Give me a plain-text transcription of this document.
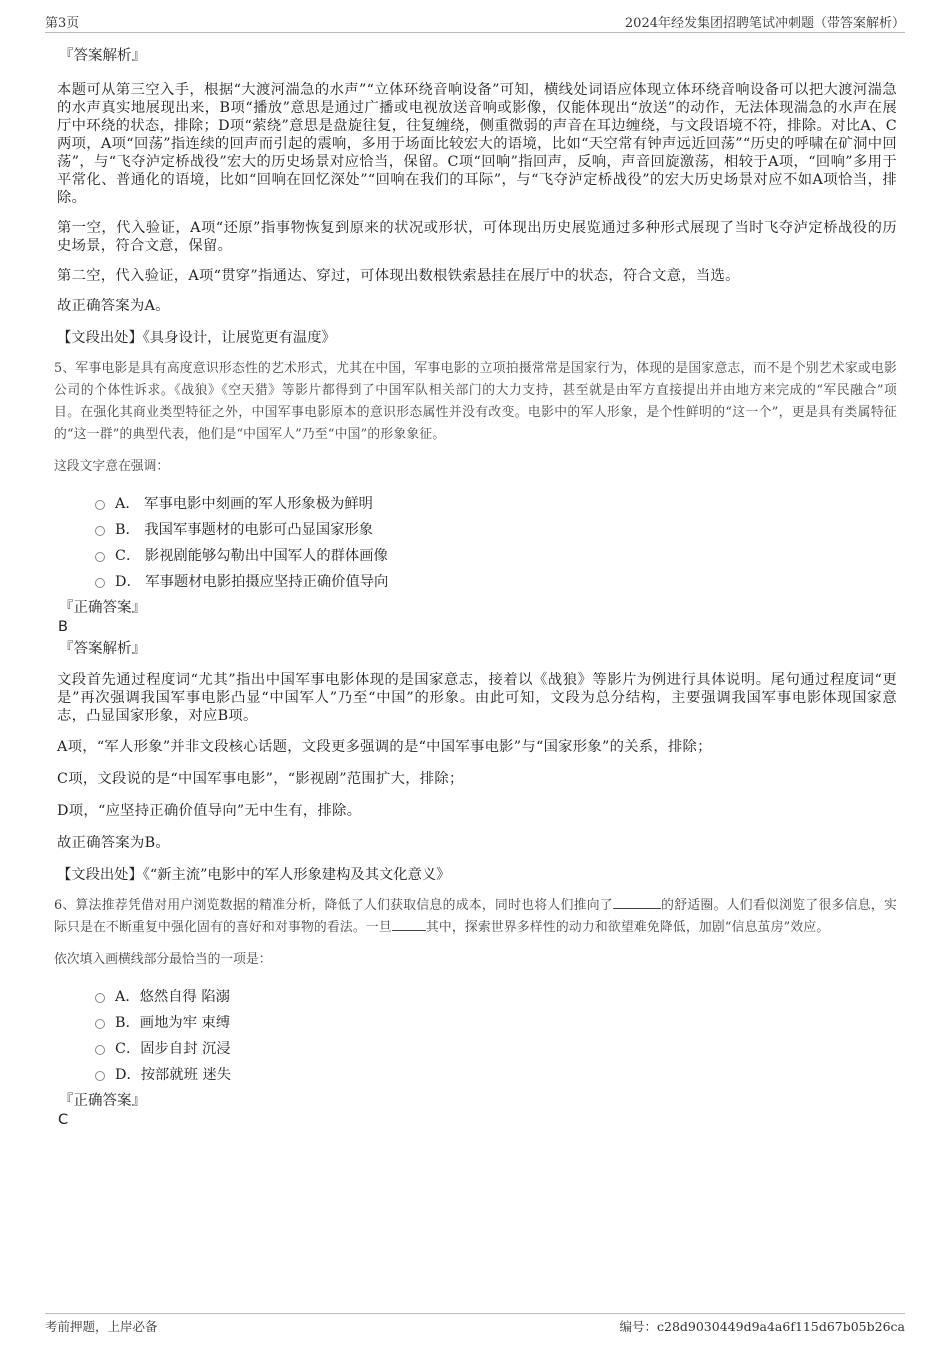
第3页	2024年经发集团招聘笔试冲刺题（带答案解析）
『答案解析』

本题可从第三空入手，根据“大渡河湍急的水声”“立体环绕音响设备”可知，横线处词语应体现立体环绕音响设备可以把大渡河湍急的水声真实地展现出来，B项“播放”意思是通过广播或电视放送音响或影像，仅能体现出“放送”的动作，无法体现湍急的水声在展厅中环绕的状态，排除；D项“萦绕”意思是盘旋往复，往复缠绕，侧重微弱的声音在耳边缠绕，与文段语境不符，排除。对比A、C两项，A项“回荡”指连续的回声而引起的震响，多用于场面比较宏大的语境，比如“天空常有钟声远近回荡”“历史的呼啸在矿洞中回荡”，与“飞夺泸定桥战役”宏大的历史场景对应恰当，保留。C项“回响”指回声，反响，声音回旋激荡，相较于A项，“回响”多用于平常化、普通化的语境，比如“回响在回忆深处”“回响在我们的耳际”，与“飞夺泸定桥战役”的宏大历史场景对应不如A项恰当，排除。

第一空，代入验证，A项“还原”指事物恢复到原来的状况或形状，可体现出历史展览通过多种形式展现了当时飞夺泸定桥战役的历史场景，符合文意，保留。

第二空，代入验证，A项“贯穿”指通达、穿过，可体现出数根铁索悬挂在展厅中的状态，符合文意，当选。

故正确答案为A。

【文段出处】《具身设计，让展览更有温度》

5、军事电影是具有高度意识形态性的艺术形式，尤其在中国，军事电影的立项拍摄常常是国家行为，体现的是国家意志，而不是个别艺术家或电影公司的个体性诉求。《战狼》《空天猎》等影片都得到了中国军队相关部门的大力支持，甚至就是由军方直接提出并由地方来完成的“军民融合”项目。在强化其商业类型特征之外，中国军事电影原本的意识形态属性并没有改变。电影中的军人形象，是个性鲜明的“这一个”，更是具有类属特征的“这一群”的典型代表，他们是“中国军人”乃至“中国”的形象象征。

这段文字意在强调：

A． 军事电影中刻画的军人形象极为鲜明
B． 我国军事题材的电影可凸显国家形象
C． 影视剧能够勾勒出中国军人的群体画像
D． 军事题材电影拍摄应坚持正确价值导向
『正确答案』
B
『答案解析』

文段首先通过程度词“尤其”指出中国军事电影体现的是国家意志，接着以《战狼》等影片为例进行具体说明。尾句通过程度词“更是”再次强调我国军事电影凸显“中国军人”乃至“中国”的形象。由此可知，文段为总分结构，主要强调我国军事电影体现国家意志，凸显国家形象，对应B项。

A项，“军人形象”并非文段核心话题，文段更多强调的是“中国军事电影”与“国家形象”的关系，排除；

C项，文段说的是“中国军事电影”，“影视剧”范围扩大，排除；

D项，“应坚持正确价值导向”无中生有，排除。

故正确答案为B。

【文段出处】《“新主流”电影中的军人形象建构及其文化意义》

6、算法推荐凭借对用户浏览数据的精准分析，降低了人们获取信息的成本，同时也将人们推向了	的舒适圈。人们看似浏览了很多信息，实际只是在不断重复中强化固有的喜好和对事物的看法。一旦	其中，探索世界多样性的动力和欲望难免降低，加剧“信息茧房”效应。

依次填入画横线部分最恰当的一项是：

A．悠然自得 陷溺
B．画地为牢 束缚
C．固步自封 沉浸
D．按部就班 迷失
『正确答案』
C
考前押题，上岸必备	编号：c28d9030449d9a4a6f115d67b05b26ca
